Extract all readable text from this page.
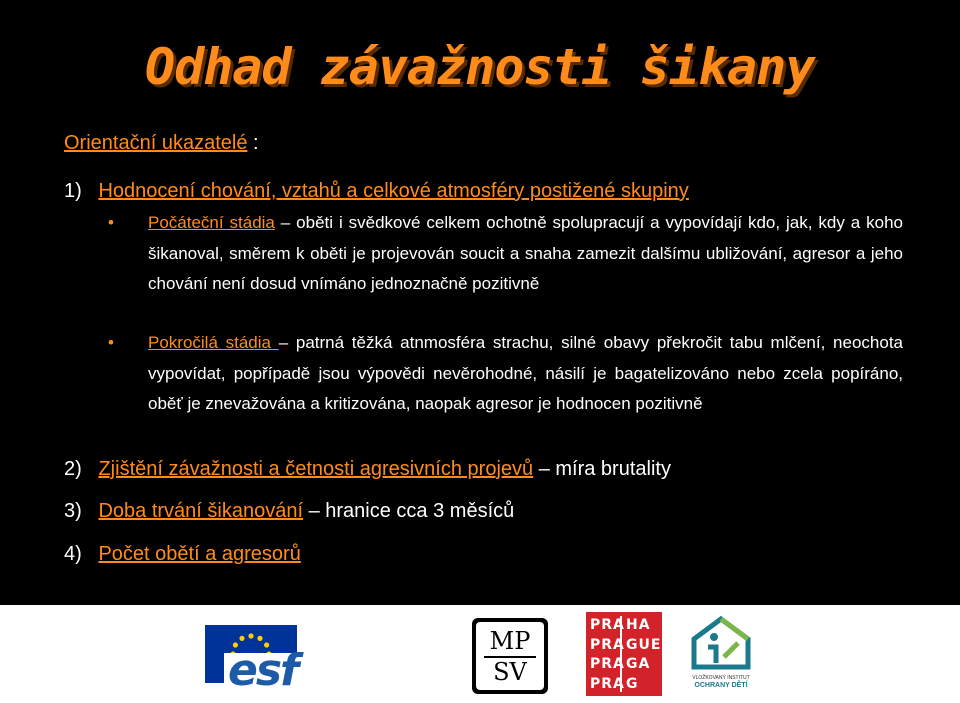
Odhad závažnosti šikany
Orientační ukazatelé :
1) Hodnocení chování, vztahů a celkové atmosféry postižené skupiny
• Počáteční stádia – oběti i svědkové celkem ochotně spolupracují a vypovídají kdo, jak, kdy a koho šikanoval, směrem k oběti je projevován soucit a snaha zamezit dalšímu ubližování, agresor a jeho chování není dosud vnímáno jednoznačně pozitivně
• Pokročilá stádia – patrná těžká atnmosféra strachu, silné obavy překročit tabu mlčení, neochota vypovídat, popřípadě jsou výpovědi nevěrohodné, násilí je bagatelizováno nebo zcela popíráno, oběť je znevažována a kritizována, naopak agresor je hodnocen pozitivně
2) Zjištění závažnosti a četnosti agresivních projevů – míra brutality
3) Doba trvání šikanování – hranice cca 3 měsíců
4) Počet obětí a agresorů
esf
MP
SV
PRA
PRA
PRA
PRA
HA
GUE
GA
G	VLOŽKOVANÝ INSTITUT
OCHRANY DĚTÍ
